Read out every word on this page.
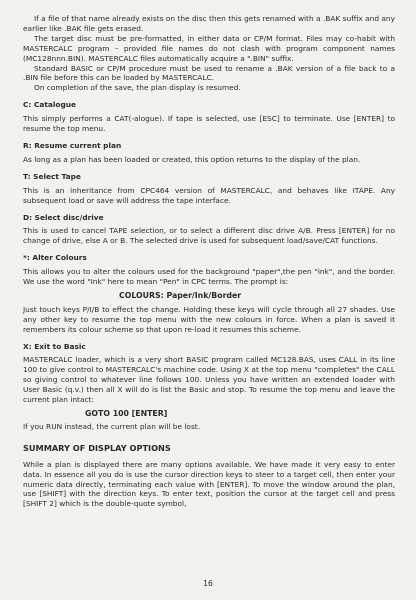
If a file of that name already exists on the disc then this gets renamed with a .BAK suffix and any earlier like .BAK file gets erased.

The target disc must be pre-formatted, in either data or CP/M format. Files may co-habit with MASTERCALC program – provided file names do not clash with program component names (MC128nnn.BIN). MASTERCALC files automatically acquire a ".BIN" suffix.

Standard BASIC or CP/M procedure must be used to rename a .BAK version of a file back to a .BIN file before this can be loaded by MASTERCALC.

On completion of the save, the plan display is resumed.

C: Catalogue

This simply performs a CAT(-alogue). If tape is selected, use [ESC] to terminate. Use [ENTER] to resume the top menu.

R: Resume current plan

As long as a plan has been loaded or created, this option returns to the display of the plan.

T: Select Tape

This is an inheritance from CPC464 version of MASTERCALC, and behaves like ITAPE. Any subsequent load or save will address the tape interface.

D: Select disc/drive

This is used to cancel TAPE selection, or to select a different disc drive A/B. Press [ENTER] for no change of drive, else A or B. The selected drive is used for subsequent load/save/CAT functions.

*: Alter Colours

This allows you to alter the colours used for the background "paper",the pen "ink", and the border. We use the word "Ink" here to mean "Pen" in CPC terms. The prompt is:

COLOURS: Paper/Ink/Border

Just touch keys P/I/B to effect the change. Holding these keys will cycle through all 27 shades. Use any other key to resume the top menu with the new colours in force. When a plan is saved it remembers its colour scheme so that upon re-load it resumes this scheme.

X: Exit to Basic

MASTERCALC loader, which is a very short BASIC program called MC128.BAS, uses CALL in its line 100 to give control to MASTERCALC's machine code. Using X at the top menu "completes" the CALL so giving control to whatever line follows 100. Unless you have written an extended loader with User Basic (q.v.) then all X will do is list the Basic and stop. To resume the top menu and leave the current plan intact:

GOTO 100 [ENTER]

If you RUN instead, the current plan will be lost.

SUMMARY OF DISPLAY OPTIONS

While a plan is displayed there are many options available. We have made it very easy to enter data. In essence all you do is use the cursor direction keys to steer to a target cell, then enter your numeric data directly, terminating each value with [ENTER]. To move the window around the plan, use [SHIFT] with the direction keys. To enter text, position the cursor at the target cell and press [SHIFT 2] which is the double-quote symbol,

16
